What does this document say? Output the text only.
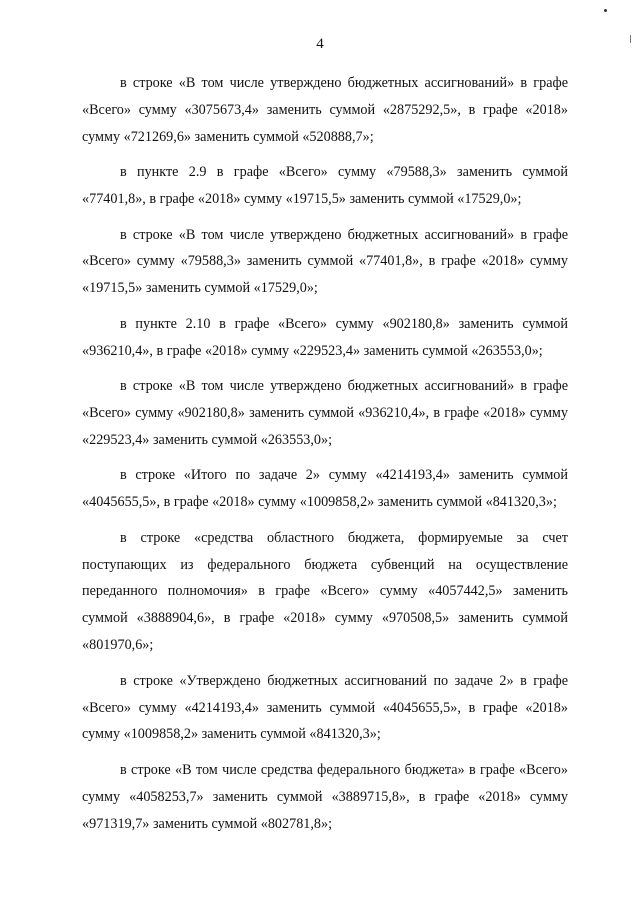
4

в строке «В том числе утверждено бюджетных ассигнований» в графе «Всего» сумму «3075673,4» заменить суммой «2875292,5», в графе «2018» сумму «721269,6» заменить суммой «520888,7»;

в пункте 2.9 в графе «Всего» сумму «79588,3» заменить суммой «77401,8», в графе «2018» сумму «19715,5» заменить суммой «17529,0»;

в строке «В том числе утверждено бюджетных ассигнований» в графе «Всего» сумму «79588,3» заменить суммой «77401,8», в графе «2018» сумму «19715,5» заменить суммой «17529,0»;

в пункте 2.10 в графе «Всего» сумму «902180,8» заменить суммой «936210,4», в графе «2018» сумму «229523,4» заменить суммой «263553,0»;

в строке «В том числе утверждено бюджетных ассигнований» в графе «Всего» сумму «902180,8» заменить суммой «936210,4», в графе «2018» сумму «229523,4» заменить суммой «263553,0»;

в строке «Итого по задаче 2» сумму «4214193,4» заменить суммой «4045655,5», в графе «2018» сумму «1009858,2» заменить суммой «841320,3»;

в строке «средства областного бюджета, формируемые за счет поступающих из федерального бюджета субвенций на осуществление переданного полномочия» в графе «Всего» сумму «4057442,5» заменить суммой «3888904,6», в графе «2018» сумму «970508,5» заменить суммой «801970,6»;

в строке «Утверждено бюджетных ассигнований по задаче 2» в графе «Всего» сумму «4214193,4» заменить суммой «4045655,5», в графе «2018» сумму «1009858,2» заменить суммой «841320,3»;

в строке «В том числе средства федерального бюджета» в графе «Всего» сумму «4058253,7» заменить суммой «3889715,8», в графе «2018» сумму «971319,7» заменить суммой «802781,8»;
